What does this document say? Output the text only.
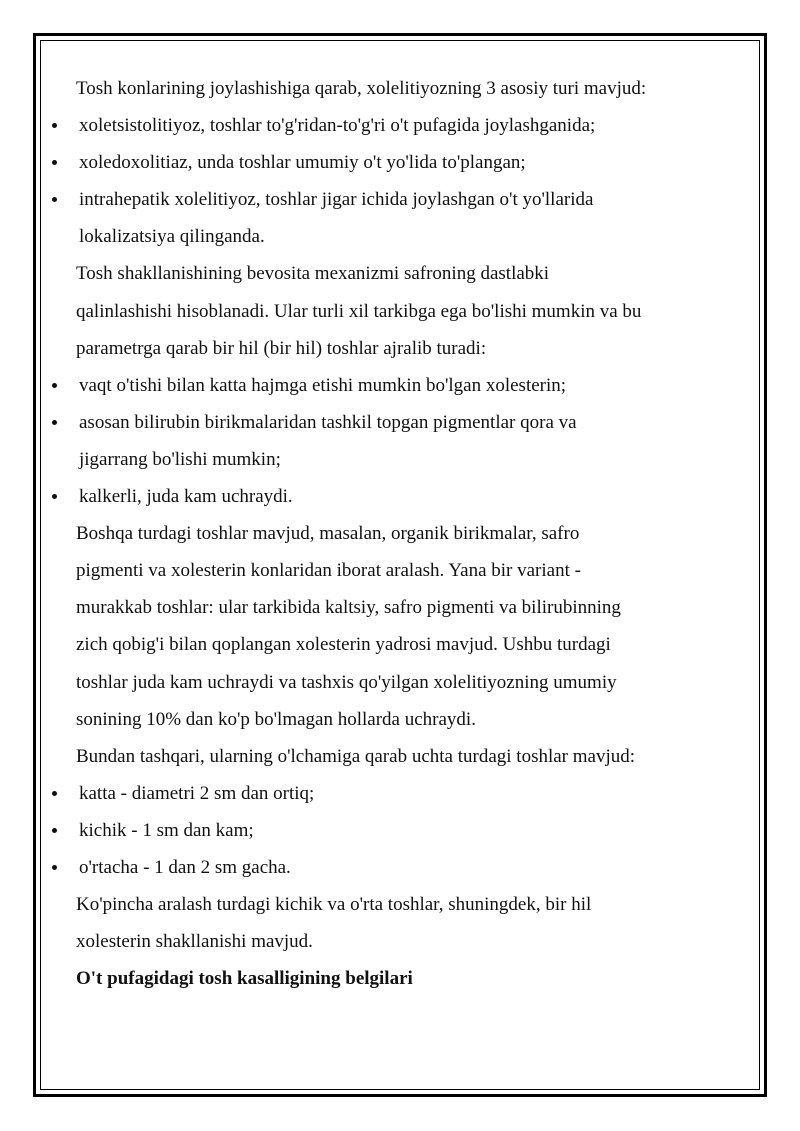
Tosh konlarining joylashishiga qarab, xolelitiyozning 3 asosiy turi mavjud:
xoletsistolitiyoz, toshlar to'g'ridan-to'g'ri o't pufagida joylashganida;
xoledoxolitiaz, unda toshlar umumiy o't yo'lida to'plangan;
intrahepatik xolelitiyoz, toshlar jigar ichida joylashgan o't yo'llarida
lokalizatsiya qilinganda.
Tosh shakllanishining bevosita mexanizmi safroning dastlabki
qalinlashishi hisoblanadi. Ular turli xil tarkibga ega bo'lishi mumkin va bu
parametrga qarab bir hil (bir hil) toshlar ajralib turadi:
vaqt o'tishi bilan katta hajmga etishi mumkin bo'lgan xolesterin;
asosan bilirubin birikmalaridan tashkil topgan pigmentlar qora va
jigarrang bo'lishi mumkin;
kalkerli, juda kam uchraydi.
Boshqa turdagi toshlar mavjud, masalan, organik birikmalar, safro
pigmenti va xolesterin konlaridan iborat aralash. Yana bir variant -
murakkab toshlar: ular tarkibida kaltsiy, safro pigmenti va bilirubinning
zich qobig'i bilan qoplangan xolesterin yadrosi mavjud. Ushbu turdagi
toshlar juda kam uchraydi va tashxis qo'yilgan xolelitiyozning umumiy
sonining 10% dan ko'p bo'lmagan hollarda uchraydi.
Bundan tashqari, ularning o'lchamiga qarab uchta turdagi toshlar mavjud:
katta - diametri 2 sm dan ortiq;
kichik - 1 sm dan kam;
o'rtacha - 1 dan 2 sm gacha.
Ko'pincha aralash turdagi kichik va o'rta toshlar, shuningdek, bir hil
xolesterin shakllanishi mavjud.
O't pufagidagi tosh kasalligining belgilari
